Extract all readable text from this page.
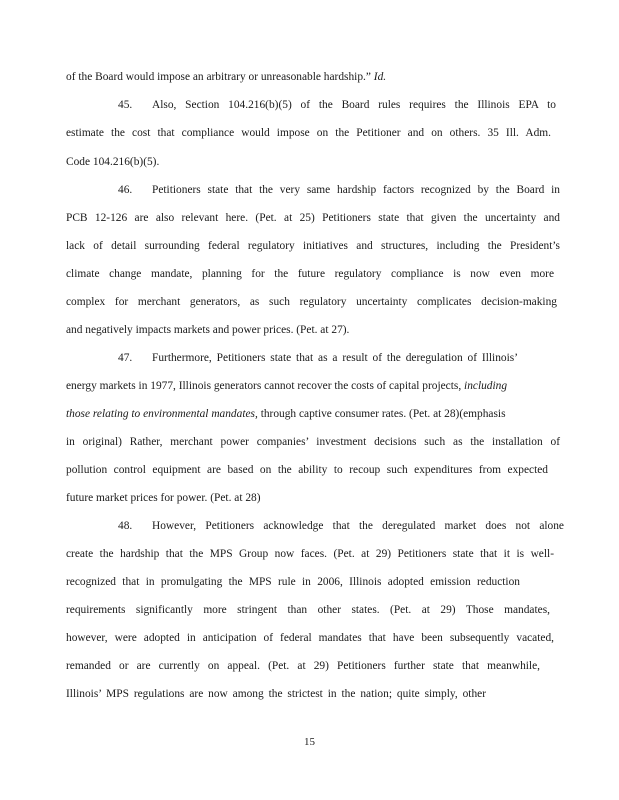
of the Board would impose an arbitrary or unreasonable hardship.” Id.
45. Also, Section 104.216(b)(5) of the Board rules requires the Illinois EPA to
estimate the cost that compliance would impose on the Petitioner and on others. 35 Ill. Adm.
Code 104.216(b)(5).
46. Petitioners state that the very same hardship factors recognized by the Board in
PCB 12-126 are also relevant here. (Pet. at 25) Petitioners state that given the uncertainty and
lack of detail surrounding federal regulatory initiatives and structures, including the President’s
climate change mandate, planning for the future regulatory compliance is now even more
complex for merchant generators, as such regulatory uncertainty complicates decision-making
and negatively impacts markets and power prices. (Pet. at 27).
47. Furthermore, Petitioners state that as a result of the deregulation of Illinois’
energy markets in 1977, Illinois generators cannot recover the costs of capital projects, including
those relating to environmental mandates, through captive consumer rates. (Pet. at 28)(emphasis
in original) Rather, merchant power companies’ investment decisions such as the installation of
pollution control equipment are based on the ability to recoup such expenditures from expected
future market prices for power. (Pet. at 28)
48. However, Petitioners acknowledge that the deregulated market does not alone
create the hardship that the MPS Group now faces. (Pet. at 29) Petitioners state that it is well-
recognized that in promulgating the MPS rule in 2006, Illinois adopted emission reduction
requirements significantly more stringent than other states. (Pet. at 29) Those mandates,
however, were adopted in anticipation of federal mandates that have been subsequently vacated,
remanded or are currently on appeal. (Pet. at 29) Petitioners further state that meanwhile,
Illinois’ MPS regulations are now among the strictest in the nation; quite simply, other
15
